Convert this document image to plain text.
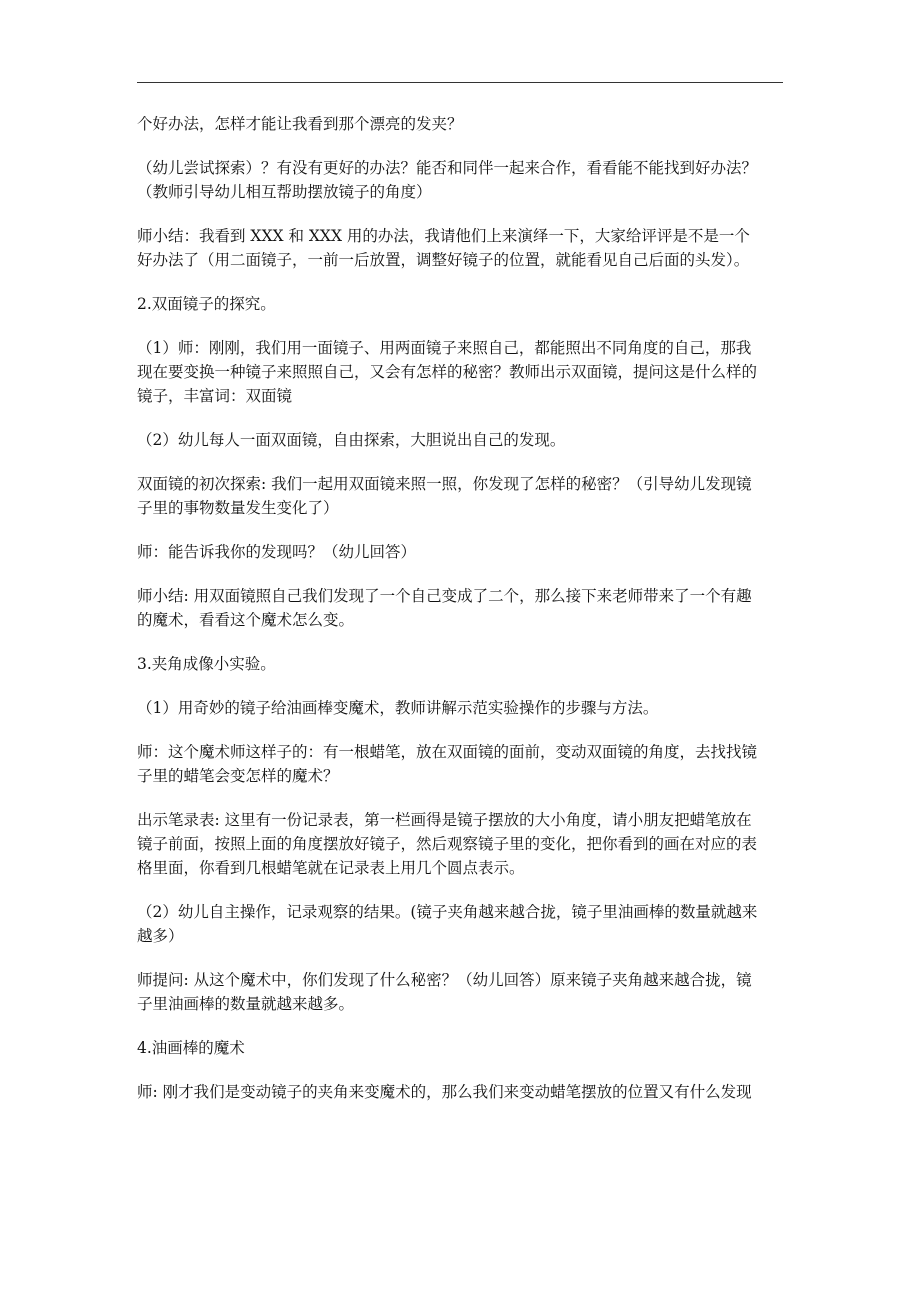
个好办法，怎样才能让我看到那个漂亮的发夹？

（幼儿尝试探索）？有没有更好的办法？能否和同伴一起来合作，看看能不能找到好办法？
（教师引导幼儿相互帮助摆放镜子的角度）

师小结：我看到 XXX 和 XXX 用的办法，我请他们上来演绎一下，大家给评评是不是一个
好办法了（用二面镜子，一前一后放置，调整好镜子的位置，就能看见自己后面的头发）。

2.双面镜子的探究。

（1）师：刚刚，我们用一面镜子、用两面镜子来照自己，都能照出不同角度的自己，那我
现在要变换一种镜子来照照自己，又会有怎样的秘密？教师出示双面镜，提问这是什么样的
镜子，丰富词：双面镜

（2）幼儿每人一面双面镜，自由探索，大胆说出自己的发现。

双面镜的初次探索: 我们一起用双面镜来照一照，你发现了怎样的秘密？（引导幼儿发现镜
子里的事物数量发生变化了）

师：能告诉我你的发现吗？（幼儿回答）

师小结: 用双面镜照自己我们发现了一个自己变成了二个，那么接下来老师带来了一个有趣
的魔术，看看这个魔术怎么变。

3.夹角成像小实验。

（1）用奇妙的镜子给油画棒变魔术，教师讲解示范实验操作的步骤与方法。

师：这个魔术师这样子的：有一根蜡笔，放在双面镜的面前，变动双面镜的角度，去找找镜
子里的蜡笔会变怎样的魔术？

出示笔录表: 这里有一份记录表，第一栏画得是镜子摆放的大小角度，请小朋友把蜡笔放在
镜子前面，按照上面的角度摆放好镜子，然后观察镜子里的变化，把你看到的画在对应的表
格里面，你看到几根蜡笔就在记录表上用几个圆点表示。

（2）幼儿自主操作，记录观察的结果。(镜子夹角越来越合拢，镜子里油画棒的数量就越来
越多）

师提问: 从这个魔术中，你们发现了什么秘密？（幼儿回答）原来镜子夹角越来越合拢，镜
子里油画棒的数量就越来越多。

4.油画棒的魔术

师: 刚才我们是变动镜子的夹角来变魔术的，那么我们来变动蜡笔摆放的位置又有什么发现
